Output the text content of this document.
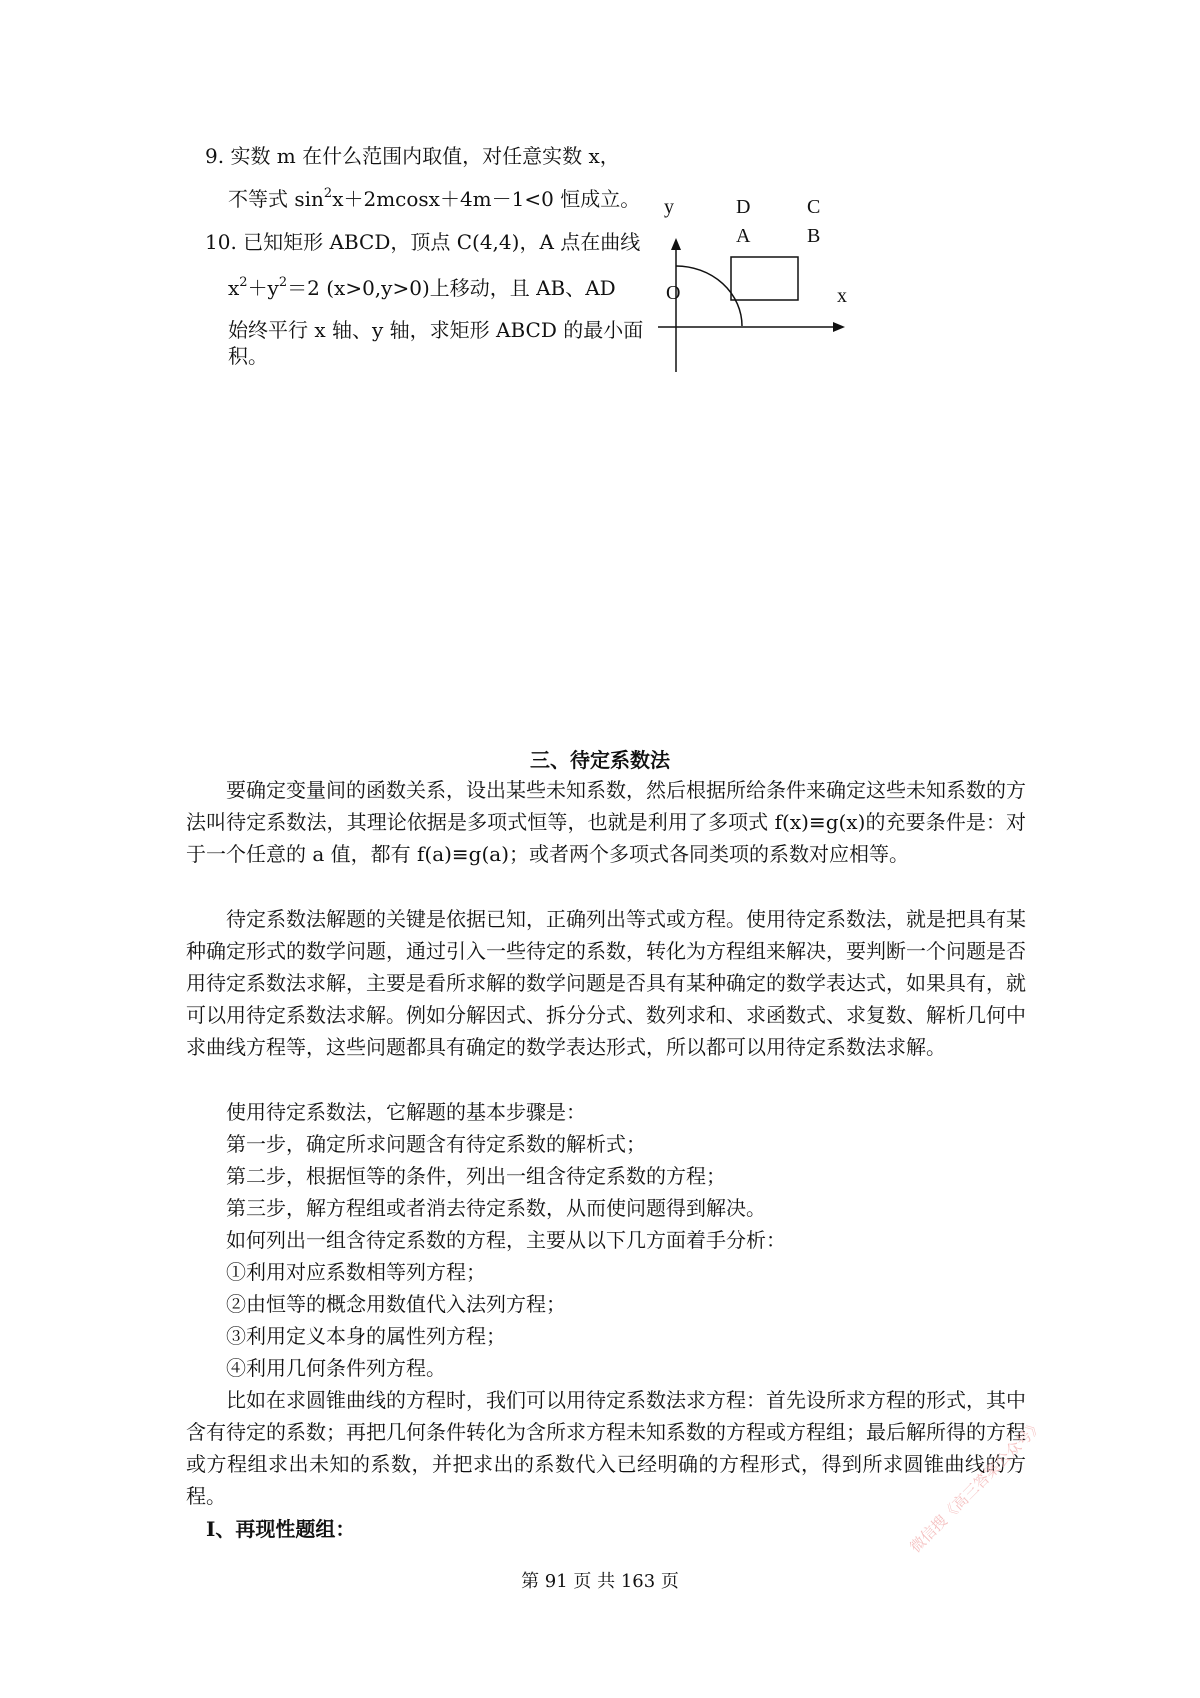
9. 实数 m 在什么范围内取值，对任意实数 x，
不等式 $\sin^2x+2mcosx+4m-1<0$ 恒成立。
10. 已知矩形 ABCD，顶点 C(4,4)，A 点在曲线
$x^2+y^2=2$ (x>0,y>0)上移动，且 AB、AD
始终平行 x 轴、y 轴，求矩形 ABCD 的最小面
积。
y	D	C
A	B
O	x
三、待定系数法
要确定变量间的函数关系，设出某些未知系数，然后根据所给条件来确定这些未知系数的方法叫待定系数法，其理论依据是多项式恒等，也就是利用了多项式 f(x)≡g(x)的充要条件是：对于一个任意的 a 值，都有 f(a)≡g(a)；或者两个多项式各同类项的系数对应相等。
待定系数法解题的关键是依据已知，正确列出等式或方程。使用待定系数法，就是把具有某种确定形式的数学问题，通过引入一些待定的系数，转化为方程组来解决，要判断一个问题是否用待定系数法求解，主要是看所求解的数学问题是否具有某种确定的数学表达式，如果具有，就可以用待定系数法求解。例如分解因式、拆分分式、数列求和、求函数式、求复数、解析几何中求曲线方程等，这些问题都具有确定的数学表达形式，所以都可以用待定系数法求解。
使用待定系数法，它解题的基本步骤是：
第一步，确定所求问题含有待定系数的解析式；
第二步，根据恒等的条件，列出一组含待定系数的方程；
第三步，解方程组或者消去待定系数，从而使问题得到解决。
如何列出一组含待定系数的方程，主要从以下几方面着手分析：
①利用对应系数相等列方程；
②由恒等的概念用数值代入法列方程；
③利用定义本身的属性列方程；
④利用几何条件列方程。
比如在求圆锥曲线的方程时，我们可以用待定系数法求方程：首先设所求方程的形式，其中含有待定的系数；再把几何条件转化为含所求方程未知系数的方程或方程组；最后解所得的方程或方程组求出未知的系数，并把求出的系数代入已经明确的方程形式，得到所求圆锥曲线的方程。
Ⅰ、再现性题组：
第 91 页 共 163 页
微信搜《高三答案公众号》
